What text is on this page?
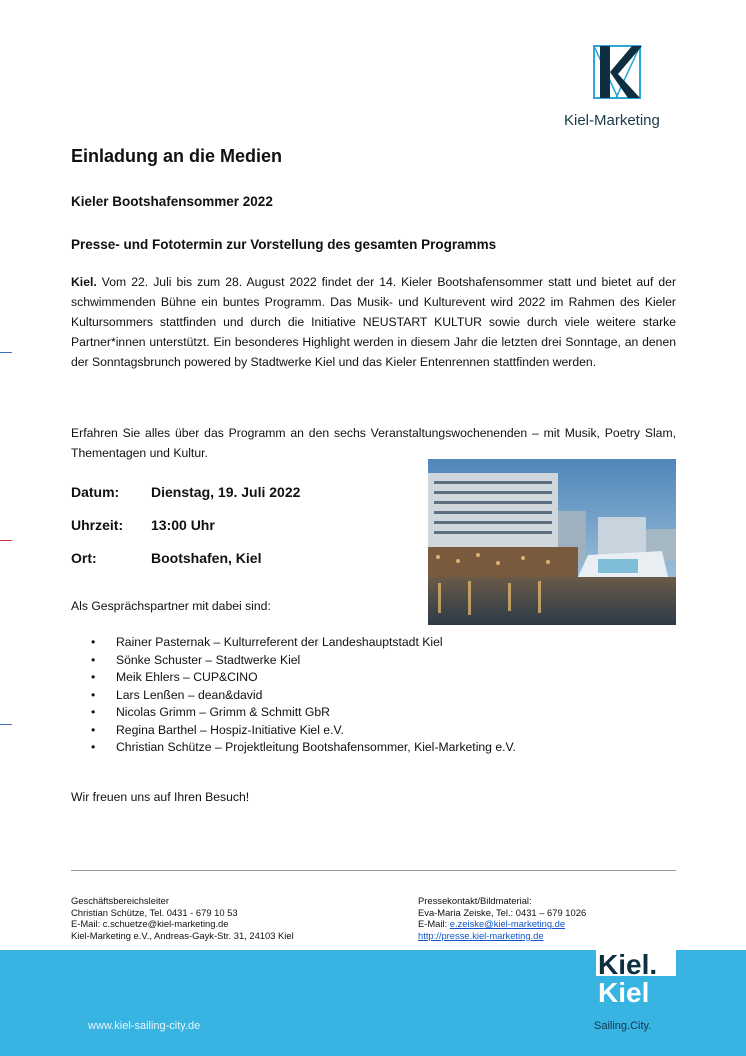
Kiel-Marketing
Einladung an die Medien

Kieler Bootshafensommer 2022

Presse- und Fototermin zur Vorstellung des gesamten Programms

Kiel. Vom 22. Juli bis zum 28. August 2022 findet der 14. Kieler Bootshafensommer statt und bietet auf der schwimmenden Bühne ein buntes Programm. Das Musik- und Kulturevent wird 2022 im Rahmen des Kieler Kultursommers stattfinden und durch die Initiative NEUSTART KULTUR sowie durch viele weitere starke Partner*innen unterstützt. Ein besonderes Highlight werden in diesem Jahr die letzten drei Sonntage, an denen der Sonntagsbrunch powered by Stadtwerke Kiel und das Kieler Entenrennen stattfinden werden.

Erfahren Sie alles über das Programm an den sechs Veranstaltungswochenenden – mit Musik, Poetry Slam, Thementagen und Kultur.

Datum: Dienstag, 19. Juli 2022
Uhrzeit: 13:00 Uhr
Ort:	Bootshafen, Kiel
Als Gesprächspartner mit dabei sind:
• Rainer Pasternak – Kulturreferent der Landeshauptstadt Kiel
• Sönke Schuster – Stadtwerke Kiel
• Meik Ehlers – CUP&CINO
• Lars Lenßen – dean&david
• Nicolas Grimm – Grimm & Schmitt GbR
• Regina Barthel – Hospiz-Initiative Kiel e.V.
• Christian Schütze – Projektleitung Bootshafensommer, Kiel-Marketing e.V.
Wir freuen uns auf Ihren Besuch!
Geschäftsbereichsleiter
Christian Schütze, Tel. 0431 - 679 10 53
E-Mail: c.schuetze@kiel-marketing.de
Kiel-Marketing e.V., Andreas-Gayk-Str. 31, 24103 Kiel
Pressekontakt/Bildmaterial:
Eva-Maria Zeiske, Tel.: 0431 – 679 1026
E-Mail: e.zeiske@kiel-marketing.de
http://presse.kiel-marketing.de
www.kiel-sailing-city.de
Kiel.
Kiel
Sailing.City.
